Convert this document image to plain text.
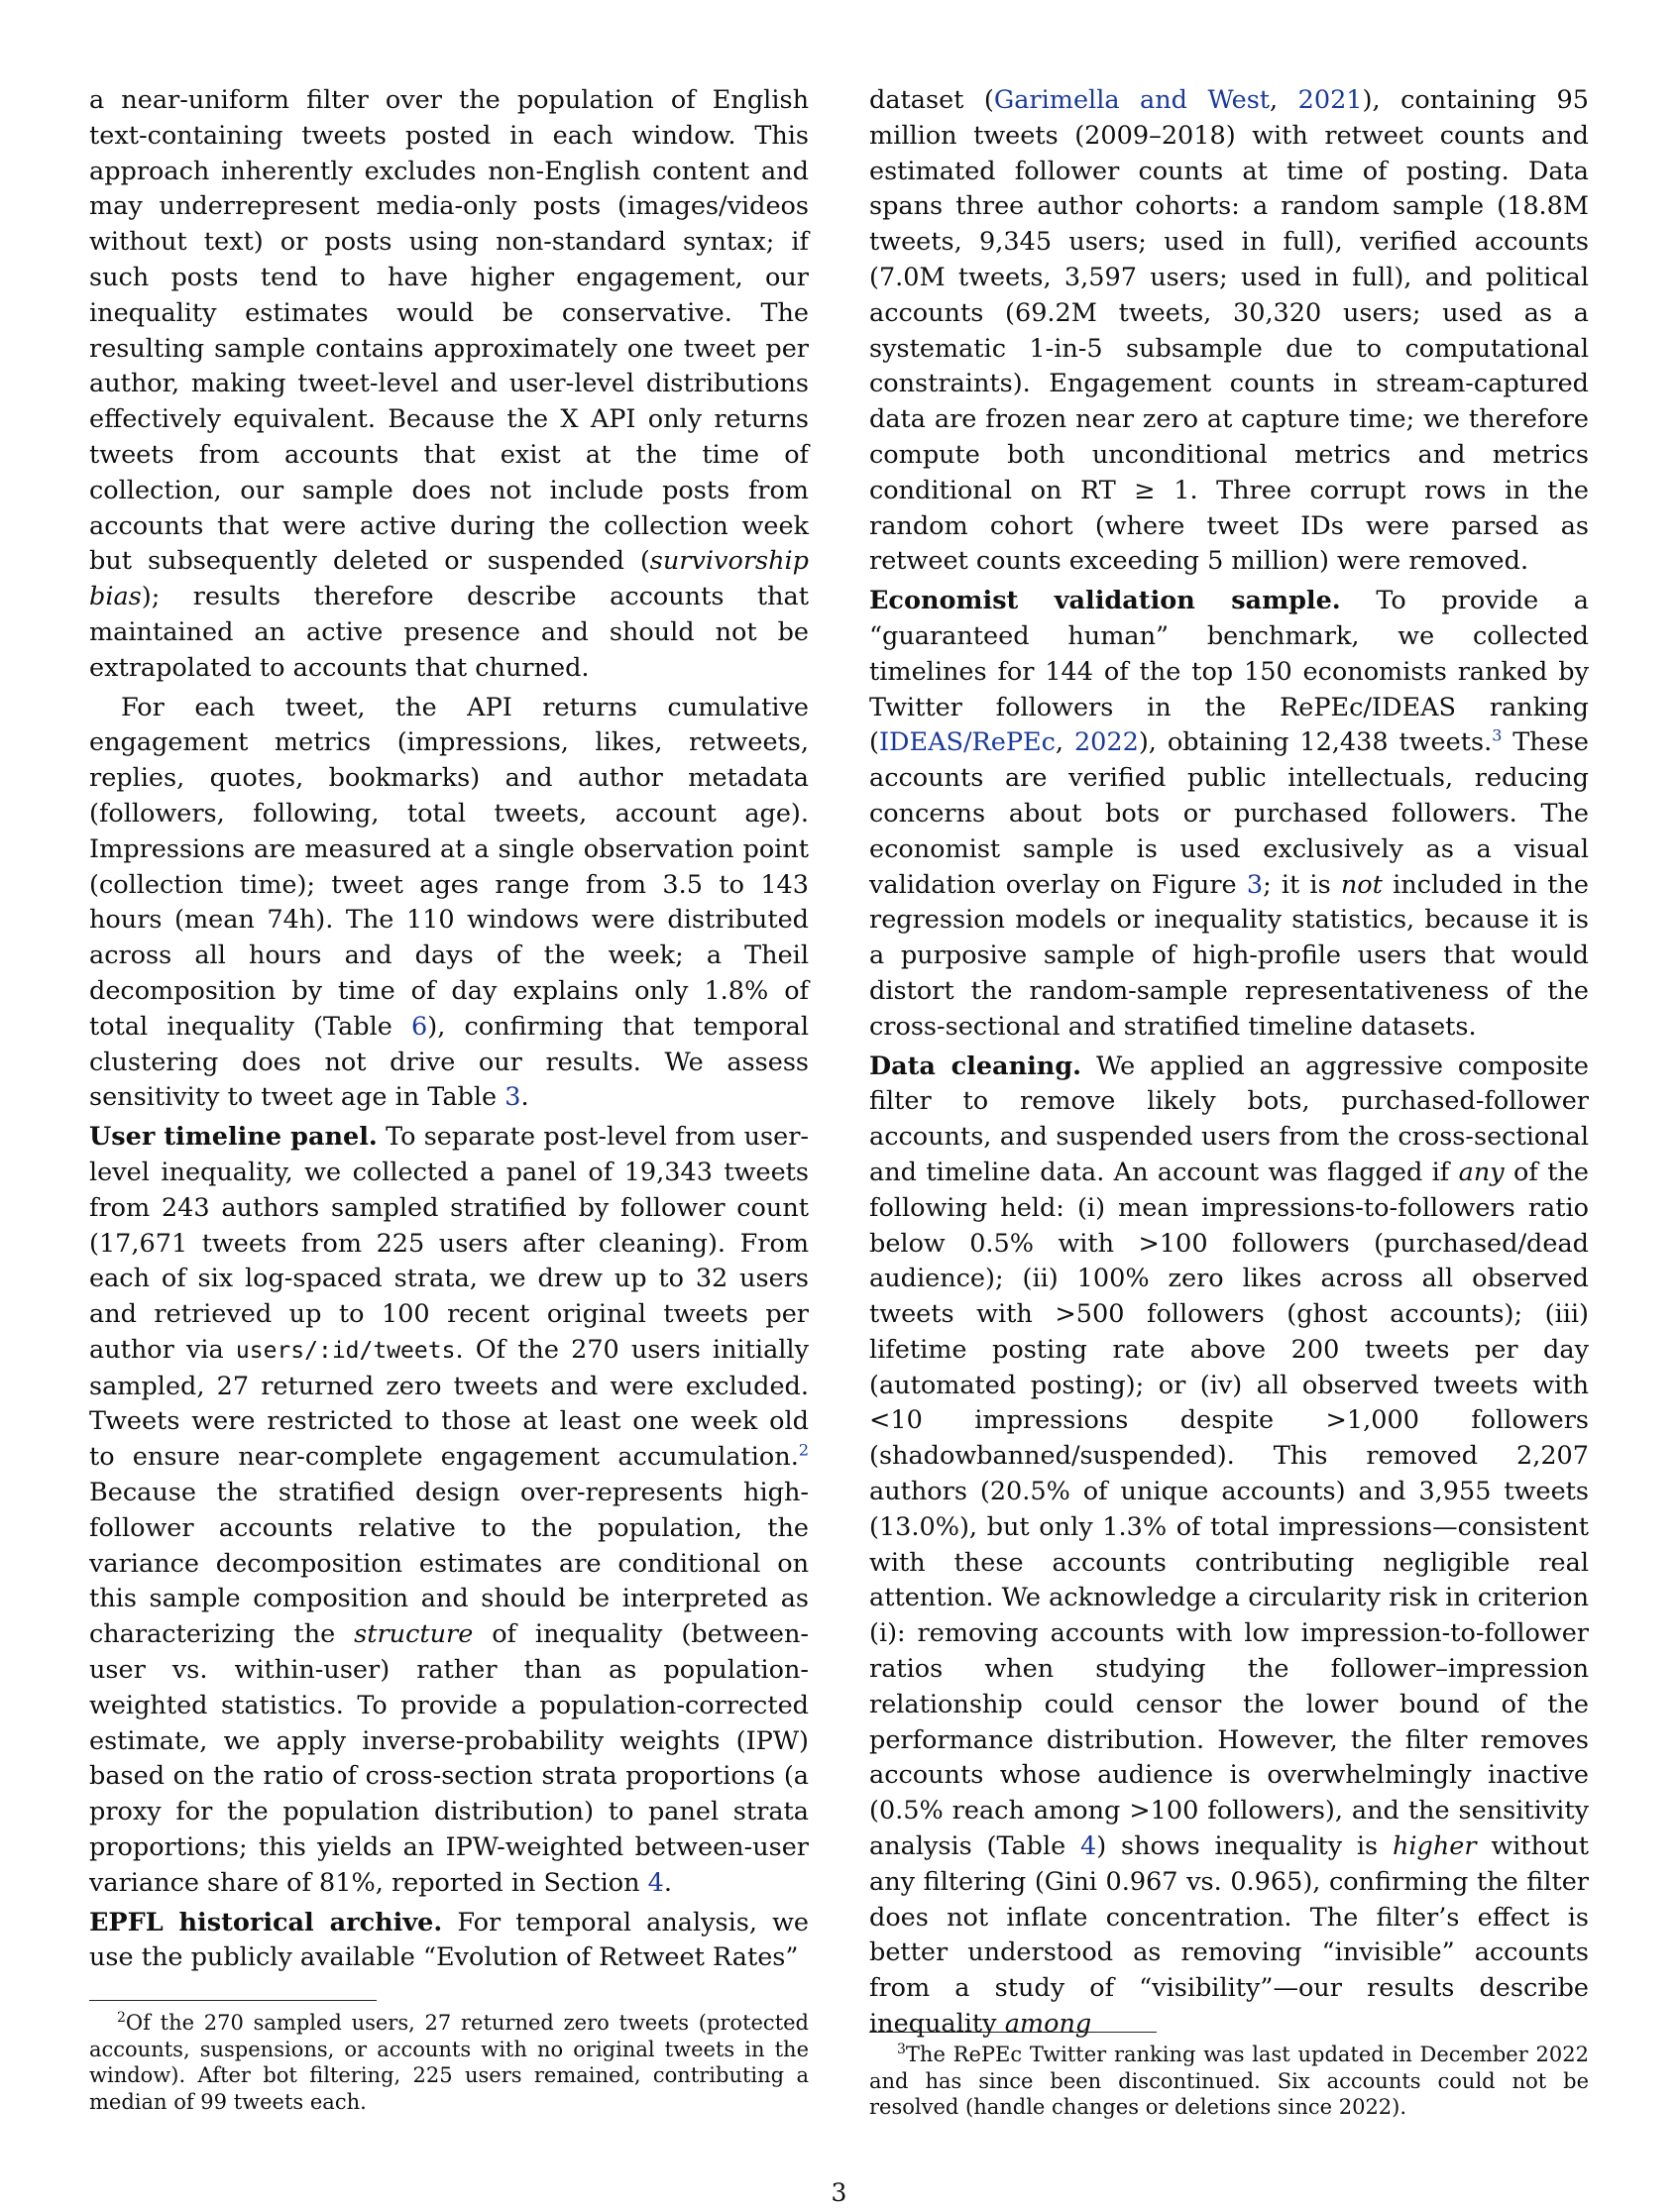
a near-uniform filter over the population of English text-containing tweets posted in each window. This approach inherently excludes non-English content and may underrepresent media-only posts (images/videos without text) or posts using non-standard syntax; if such posts tend to have higher engagement, our inequality estimates would be conservative. The resulting sample contains approximately one tweet per author, making tweet-level and user-level distributions effectively equivalent. Because the X API only returns tweets from accounts that exist at the time of collection, our sample does not include posts from accounts that were active during the collection week but subsequently deleted or suspended (survivorship bias); results therefore describe accounts that maintained an active presence and should not be extrapolated to accounts that churned.

For each tweet, the API returns cumulative engagement metrics (impressions, likes, retweets, replies, quotes, bookmarks) and author metadata (followers, following, total tweets, account age). Impressions are measured at a single observation point (collection time); tweet ages range from 3.5 to 143 hours (mean 74h). The 110 windows were distributed across all hours and days of the week; a Theil decomposition by time of day explains only 1.8% of total inequality (Table 6), confirming that temporal clustering does not drive our results. We assess sensitivity to tweet age in Table 3.

User timeline panel. To separate post-level from user-level inequality, we collected a panel of 19,343 tweets from 243 authors sampled stratified by follower count (17,671 tweets from 225 users after cleaning). From each of six log-spaced strata, we drew up to 32 users and retrieved up to 100 recent original tweets per author via users/:id/tweets. Of the 270 users initially sampled, 27 returned zero tweets and were excluded. Tweets were restricted to those at least one week old to ensure near-complete engagement accumulation.$^2$ Because the stratified design over-represents high-follower accounts relative to the population, the variance decomposition estimates are conditional on this sample composition and should be interpreted as characterizing the structure of inequality (between-user vs. within-user) rather than as population-weighted statistics. To provide a population-corrected estimate, we apply inverse-probability weights (IPW) based on the ratio of cross-section strata proportions (a proxy for the population distribution) to panel strata proportions; this yields an IPW-weighted between-user variance share of 81%, reported in Section 4.

EPFL historical archive. For temporal analysis, we use the publicly available “Evolution of Retweet Rates”

dataset (Garimella and West, 2021), containing 95 million tweets (2009–2018) with retweet counts and estimated follower counts at time of posting. Data spans three author cohorts: a random sample (18.8M tweets, 9,345 users; used in full), verified accounts (7.0M tweets, 3,597 users; used in full), and political accounts (69.2M tweets, 30,320 users; used as a systematic 1-in-5 subsample due to computational constraints). Engagement counts in stream-captured data are frozen near zero at capture time; we therefore compute both unconditional metrics and metrics conditional on RT ≥ 1. Three corrupt rows in the random cohort (where tweet IDs were parsed as retweet counts exceeding 5 million) were removed.

Economist validation sample. To provide a “guaranteed human” benchmark, we collected timelines for 144 of the top 150 economists ranked by Twitter followers in the RePEc/IDEAS ranking (IDEAS/RePEc, 2022), obtaining 12,438 tweets.$^3$ These accounts are verified public intellectuals, reducing concerns about bots or purchased followers. The economist sample is used exclusively as a visual validation overlay on Figure 3; it is not included in the regression models or inequality statistics, because it is a purposive sample of high-profile users that would distort the random-sample representativeness of the cross-sectional and stratified timeline datasets.

Data cleaning. We applied an aggressive composite filter to remove likely bots, purchased-follower accounts, and suspended users from the cross-sectional and timeline data. An account was flagged if any of the following held: (i) mean impressions-to-followers ratio below 0.5% with >100 followers (purchased/dead audience); (ii) 100% zero likes across all observed tweets with >500 followers (ghost accounts); (iii) lifetime posting rate above 200 tweets per day (automated posting); or (iv) all observed tweets with <10 impressions despite >1,000 followers (shadowbanned/suspended). This removed 2,207 authors (20.5% of unique accounts) and 3,955 tweets (13.0%), but only 1.3% of total impressions—consistent with these accounts contributing negligible real attention. We acknowledge a circularity risk in criterion (i): removing accounts with low impression-to-follower ratios when studying the follower–impression relationship could censor the lower bound of the performance distribution. However, the filter removes accounts whose audience is overwhelmingly inactive (0.5% reach among >100 followers), and the sensitivity analysis (Table 4) shows inequality is higher without any filtering (Gini 0.967 vs. 0.965), confirming the filter does not inflate concentration. The filter’s effect is better understood as removing “invisible” accounts from a study of “visibility”—our results describe inequality among

$^2$Of the 270 sampled users, 27 returned zero tweets (protected accounts, suspensions, or accounts with no original tweets in the window). After bot filtering, 225 users remained, contributing a median of 99 tweets each.

$^3$The RePEc Twitter ranking was last updated in December 2022 and has since been discontinued. Six accounts could not be resolved (handle changes or deletions since 2022).

3
